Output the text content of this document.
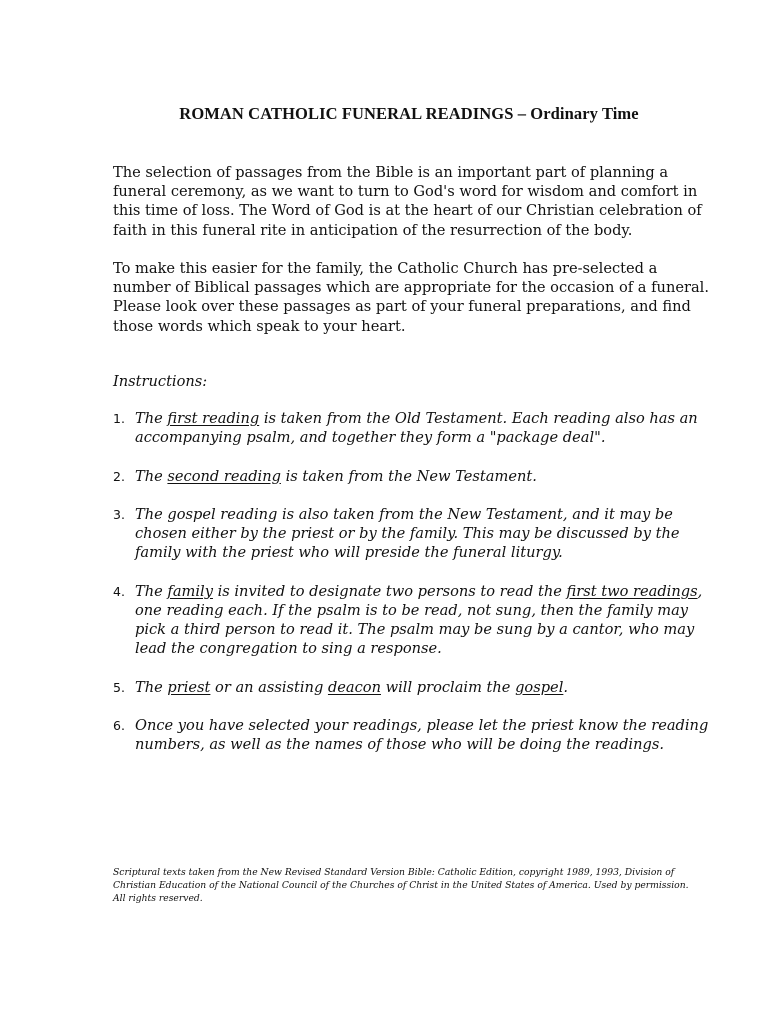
ROMAN CATHOLIC FUNERAL READINGS – Ordinary Time

The selection of passages from the Bible is an important part of planning a funeral ceremony, as we want to turn to God's word for wisdom and comfort in this time of loss. The Word of God is at the heart of our Christian celebration of faith in this funeral rite in anticipation of the resurrection of the body.

To make this easier for the family, the Catholic Church has pre-selected a number of Biblical passages which are appropriate for the occasion of a funeral. Please look over these passages as part of your funeral preparations, and find those words which speak to your heart.

Instructions:

1. The first reading is taken from the Old Testament. Each reading also has an accompanying psalm, and together they form a "package deal".
2. The second reading is taken from the New Testament.
3. The gospel reading is also taken from the New Testament, and it may be chosen either by the priest or by the family. This may be discussed by the family with the priest who will preside the funeral liturgy.
4. The family is invited to designate two persons to read the first two readings, one reading each. If the psalm is to be read, not sung, then the family may pick a third person to read it. The psalm may be sung by a cantor, who may lead the congregation to sing a response.
5. The priest or an assisting deacon will proclaim the gospel.
6. Once you have selected your readings, please let the priest know the reading numbers, as well as the names of those who will be doing the readings.

Scriptural texts taken from the New Revised Standard Version Bible: Catholic Edition, copyright 1989, 1993, Division of Christian Education of the National Council of the Churches of Christ in the United States of America. Used by permission. All rights reserved.
